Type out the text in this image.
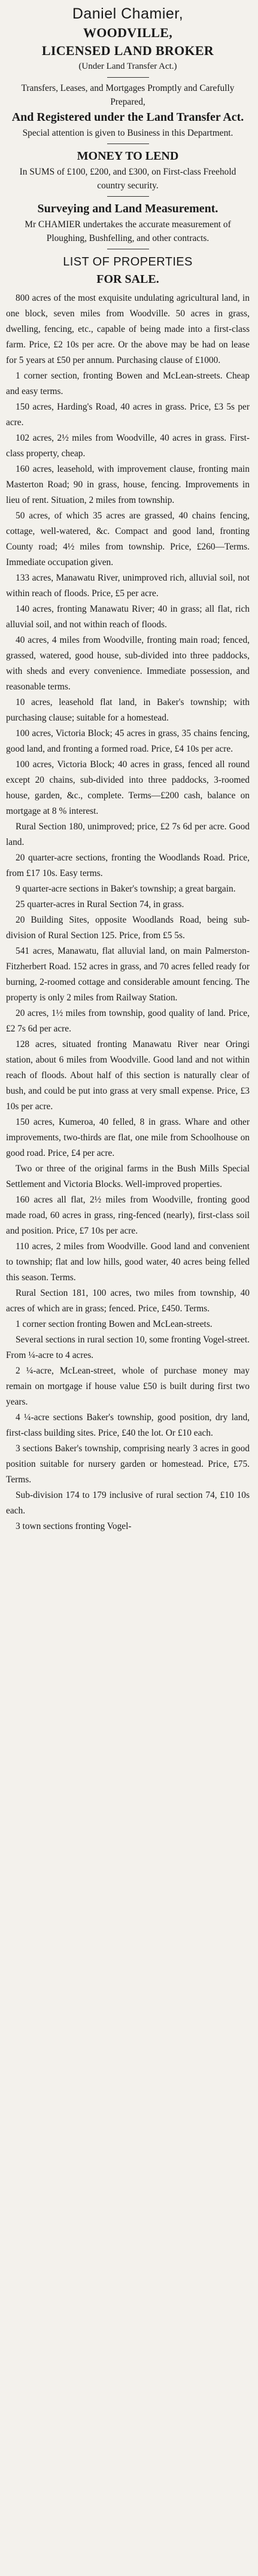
Daniel Chamier,
WOODVILLE,
LICENSED LAND BROKER
(Under Land Transfer Act.)
Transfers, Leases, and Mortgages Promptly and Carefully Prepared,
And Registered under the Land Transfer Act.
Special attention is given to Business in this Department.
MONEY TO LEND
In SUMS of £100, £200, and £300, on First-class Freehold country security.
Surveying and Land Measurement.
Mr CHAMIER undertakes the accurate measurement of Ploughing, Bushfelling, and other contracts.
LIST OF PROPERTIES
FOR SALE.

800 acres of the most exquisite undulating agricultural land, in one block, seven miles from Woodville. 50 acres in grass, dwelling, fencing, etc., capable of being made into a first-class farm. Price, £2 10s per acre. Or the above may be had on lease for 5 years at £50 per annum. Purchasing clause of £1000.

1 corner section, fronting Bowen and McLean-streets. Cheap and easy terms.

150 acres, Harding's Road, 40 acres in grass. Price, £3 5s per acre.

102 acres, 2½ miles from Woodville, 40 acres in grass. First-class property, cheap.

160 acres, leasehold, with improvement clause, fronting main Masterton Road; 90 in grass, house, fencing. Improvements in lieu of rent. Situation, 2 miles from township.

50 acres, of which 35 acres are grassed, 40 chains fencing, cottage, well-watered, &c. Compact and good land, fronting County road; 4½ miles from township. Price, £260—Terms. Immediate occupation given.

133 acres, Manawatu River, unimproved rich, alluvial soil, not within reach of floods. Price, £5 per acre.

140 acres, fronting Manawatu River; 40 in grass; all flat, rich alluvial soil, and not within reach of floods.

40 acres, 4 miles from Woodville, fronting main road; fenced, grassed, watered, good house, sub-divided into three paddocks, with sheds and every convenience. Immediate possession, and reasonable terms.

10 acres, leasehold flat land, in Baker's township; with purchasing clause; suitable for a homestead.

100 acres, Victoria Block; 45 acres in grass, 35 chains fencing, good land, and fronting a formed road. Price, £4 10s per acre.

100 acres, Victoria Block; 40 acres in grass, fenced all round except 20 chains, sub-divided into three paddocks, 3-roomed house, garden, &c., complete. Terms—£200 cash, balance on mortgage at 8 % interest.

Rural Section 180, unimproved; price, £2 7s 6d per acre. Good land.

20 quarter-acre sections, fronting the Woodlands Road. Price, from £17 10s. Easy terms.

9 quarter-acre sections in Baker's township; a great bargain.

25 quarter-acres in Rural Section 74, in grass.

20 Building Sites, opposite Woodlands Road, being sub-division of Rural Section 125. Price, from £5 5s.

541 acres, Manawatu, flat alluvial land, on main Palmerston-Fitzherbert Road. 152 acres in grass, and 70 acres felled ready for burning, 2-roomed cottage and considerable amount fencing. The property is only 2 miles from Railway Station.

20 acres, 1½ miles from township, good quality of land. Price, £2 7s 6d per acre.

128 acres, situated fronting Manawatu River near Oringi station, about 6 miles from Woodville. Good land and not within reach of floods. About half of this section is naturally clear of bush, and could be put into grass at very small expense. Price, £3 10s per acre.

150 acres, Kumeroa, 40 felled, 8 in grass. Whare and other improvements, two-thirds are flat, one mile from Schoolhouse on good road. Price, £4 per acre.

Two or three of the original farms in the Bush Mills Special Settlement and Victoria Blocks. Well-improved properties.

160 acres all flat, 2½ miles from Woodville, fronting good made road, 60 acres in grass, ring-fenced (nearly), first-class soil and position. Price, £7 10s per acre.

110 acres, 2 miles from Woodville. Good land and convenient to township; flat and low hills, good water, 40 acres being felled this season. Terms.

Rural Section 181, 100 acres, two miles from township, 40 acres of which are in grass; fenced. Price, £450. Terms.

1 corner section fronting Bowen and McLean-streets.

Several sections in rural section 10, some fronting Vogel-street. From ¼-acre to 4 acres.

2 ¼-acre, McLean-street, whole of purchase money may remain on mortgage if house value £50 is built during first two years.

4 ¼-acre sections Baker's township, good position, dry land, first-class building sites. Price, £40 the lot. Or £10 each.

3 sections Baker's township, comprising nearly 3 acres in good position suitable for nursery garden or homestead. Price, £75. Terms.

Sub-division 174 to 179 inclusive of rural section 74, £10 10s each.

3 town sections fronting Vogel-
